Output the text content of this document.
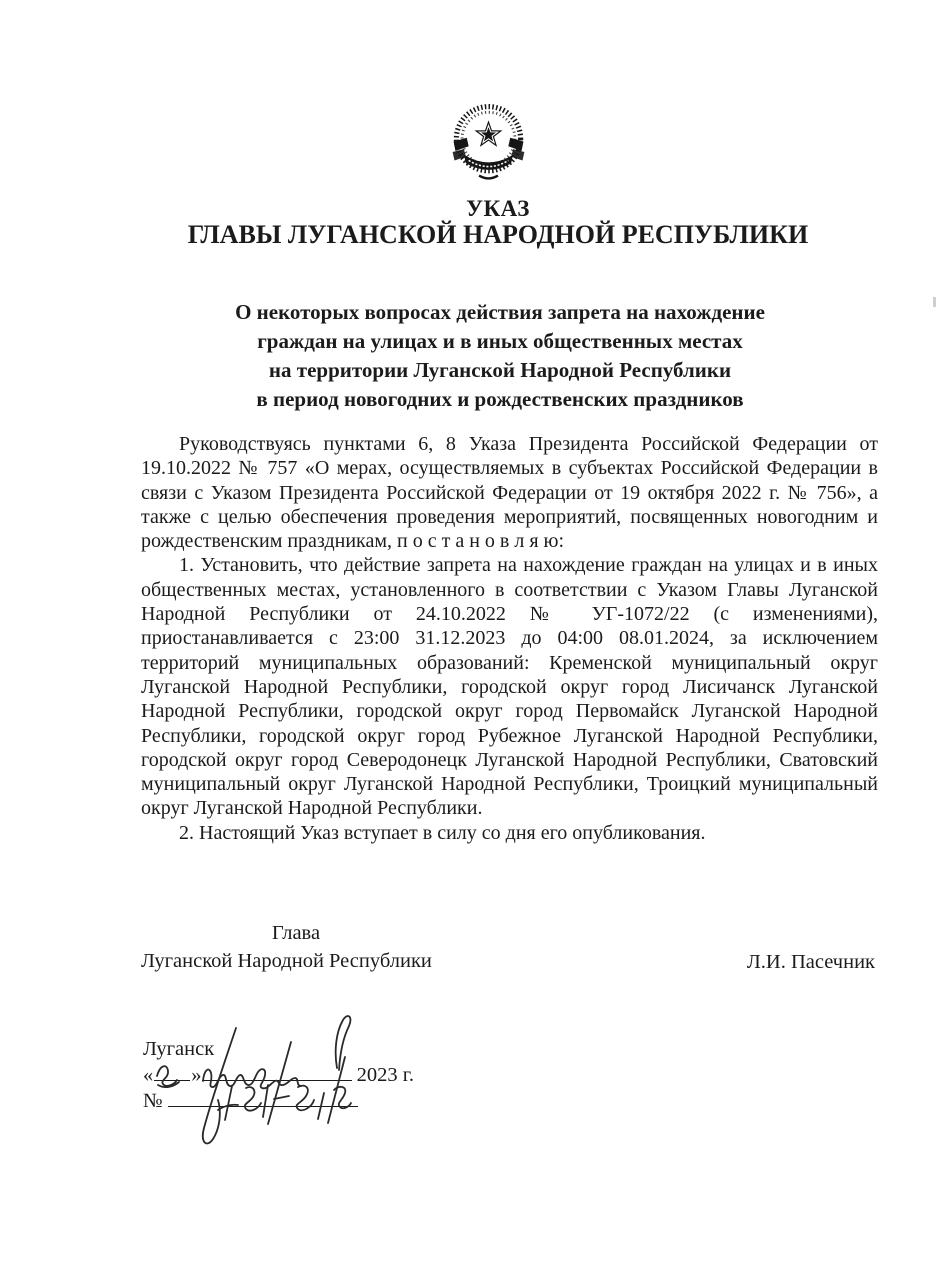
УКАЗ
ГЛАВЫ ЛУГАНСКОЙ НАРОДНОЙ РЕСПУБЛИКИ
О некоторых вопросах действия запрета на нахождение
граждан на улицах и в иных общественных местах
на территории Луганской Народной Республики
в период новогодних и рождественских праздников

Руководствуясь пунктами 6, 8 Указа Президента Российской Федерации от 19.10.2022 № 757 «О мерах, осуществляемых в субъектах Российской Федерации в связи с Указом Президента Российской Федерации от 19 октября 2022 г. № 756», а также с целью обеспечения проведения мероприятий, посвященных новогодним и рождественским праздникам, п о с т а н о в л я ю:

1. Установить, что действие запрета на нахождение граждан на улицах и в иных общественных местах, установленного в соответствии с Указом Главы Луганской Народной Республики от 24.10.2022 № УГ-1072/22 (с изменениями), приостанавливается с 23:00 31.12.2023 до 04:00 08.01.2024, за исключением территорий муниципальных образований: Кременской муниципальный округ Луганской Народной Республики, городской округ город Лисичанск Луганской Народной Республики, городской округ город Первомайск Луганской Народной Республики, городской округ город Рубежное Луганской Народной Республики, городской округ город Северодонецк Луганской Народной Республики, Сватовский муниципальный округ Луганской Народной Республики, Троицкий муниципальный округ Луганской Народной Республики.

2. Настоящий Указ вступает в силу со дня его опубликования.

Глава
Луганской Народной Республики	Л.И. Пасечник
Луганск
« »	2023 г.
№
